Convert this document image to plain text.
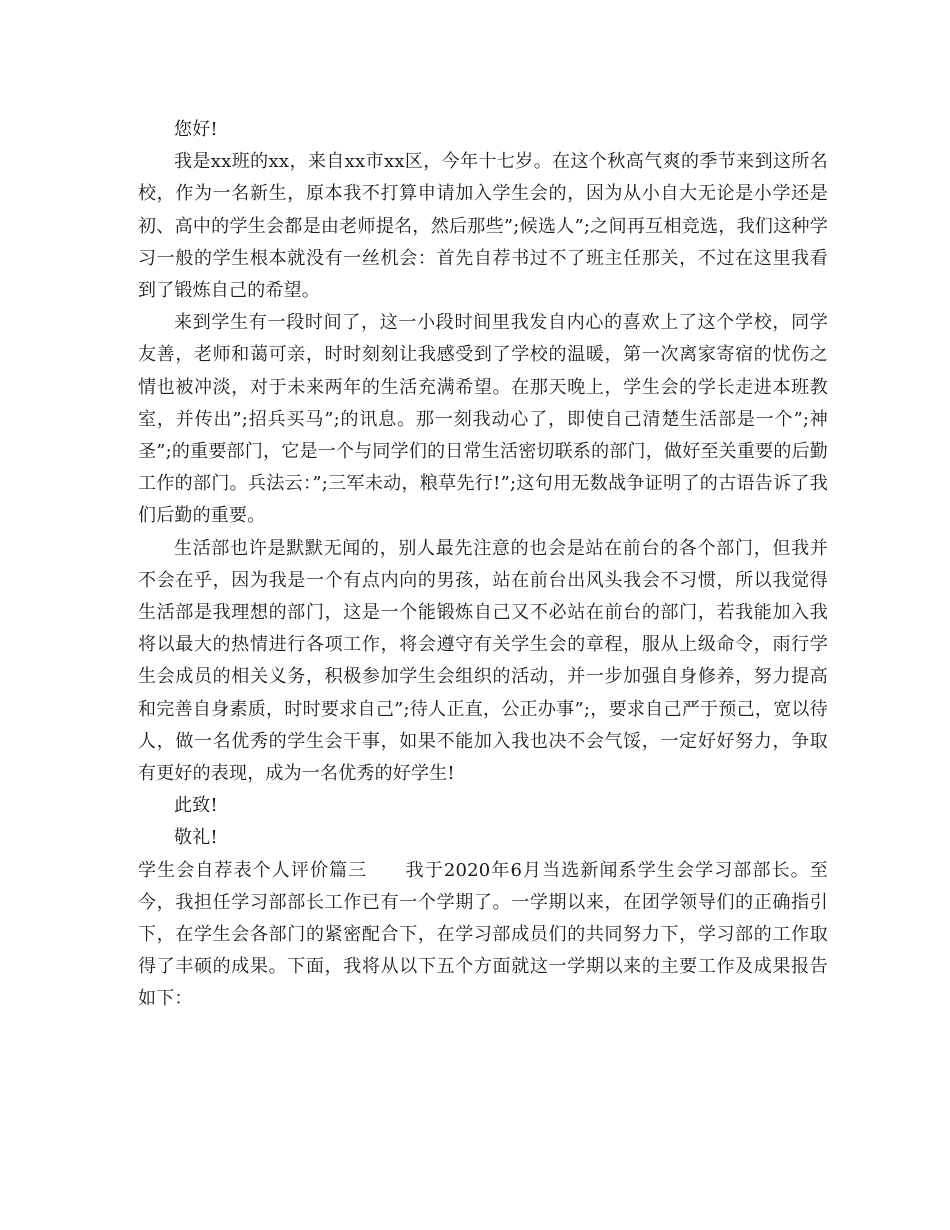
您好!

我是xx班的xx，来自xx市xx区，今年十七岁。在这个秋高气爽的季节来到这所名校，作为一名新生，原本我不打算申请加入学生会的，因为从小自大无论是小学还是初、高中的学生会都是由老师提名，然后那些”;候选人”;之间再互相竞选，我们这种学习一般的学生根本就没有一丝机会：首先自荐书过不了班主任那关，不过在这里我看到了锻炼自己的希望。

来到学生有一段时间了，这一小段时间里我发自内心的喜欢上了这个学校，同学友善，老师和蔼可亲，时时刻刻让我感受到了学校的温暖，第一次离家寄宿的忧伤之情也被冲淡，对于未来两年的生活充满希望。在那天晚上，学生会的学长走进本班教室，并传出”;招兵买马”;的讯息。那一刻我动心了，即使自己清楚生活部是一个”;神圣”;的重要部门，它是一个与同学们的日常生活密切联系的部门，做好至关重要的后勤工作的部门。兵法云：”;三军未动，粮草先行!”;这句用无数战争证明了的古语告诉了我们后勤的重要。

生活部也许是默默无闻的，别人最先注意的也会是站在前台的各个部门，但我并不会在乎，因为我是一个有点内向的男孩，站在前台出风头我会不习惯，所以我觉得生活部是我理想的部门，这是一个能锻炼自己又不必站在前台的部门，若我能加入我将以最大的热情进行各项工作，将会遵守有关学生会的章程，服从上级命令，雨行学生会成员的相关义务，积极参加学生会组织的活动，并一步加强自身修养，努力提高和完善自身素质，时时要求自己”;待人正直，公正办事”;，要求自己严于预己，宽以待人，做一名优秀的学生会干事，如果不能加入我也决不会气馁，一定好好努力，争取有更好的表现，成为一名优秀的好学生!

此致!

敬礼!

学生会自荐表个人评价篇三　　我于2020年6月当选新闻系学生会学习部部长。至今，我担任学习部部长工作已有一个学期了。一学期以来，在团学领导们的正确指引下，在学生会各部门的紧密配合下，在学习部成员们的共同努力下，学习部的工作取得了丰硕的成果。下面，我将从以下五个方面就这一学期以来的主要工作及成果报告如下：
